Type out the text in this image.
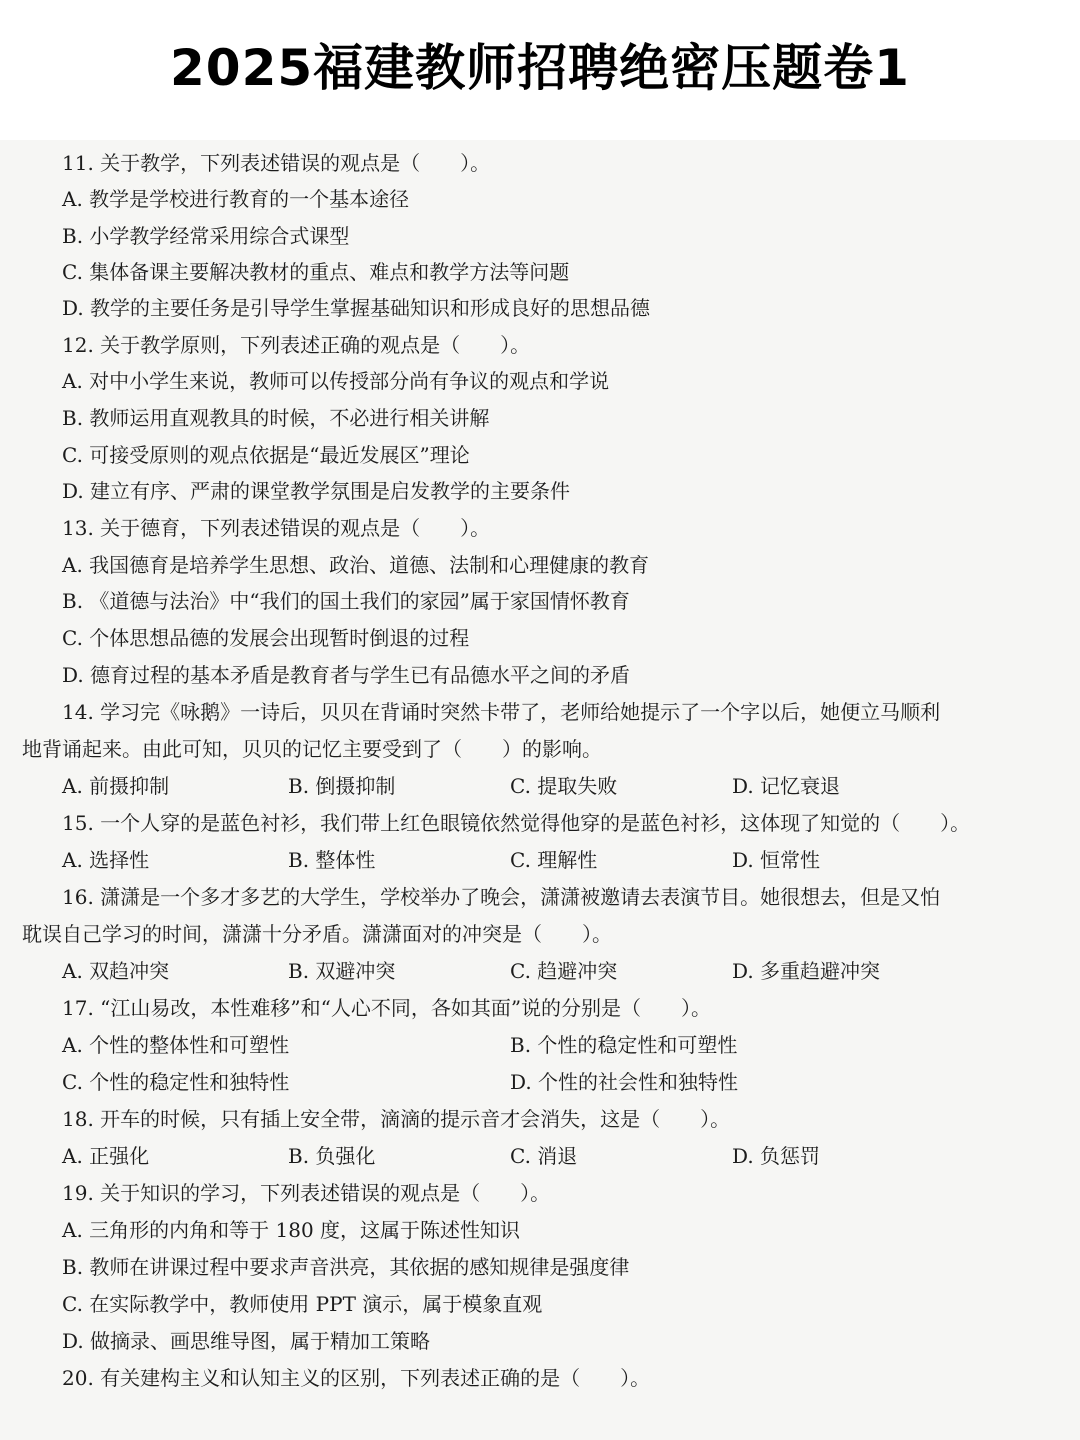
2025福建教师招聘绝密压题卷1
11. 关于教学，下列表述错误的观点是（　　）。
A. 教学是学校进行教育的一个基本途径
B. 小学教学经常采用综合式课型
C. 集体备课主要解决教材的重点、难点和教学方法等问题
D. 教学的主要任务是引导学生掌握基础知识和形成良好的思想品德
12. 关于教学原则，下列表述正确的观点是（　　）。
A. 对中小学生来说，教师可以传授部分尚有争议的观点和学说
B. 教师运用直观教具的时候，不必进行相关讲解
C. 可接受原则的观点依据是“最近发展区”理论
D. 建立有序、严肃的课堂教学氛围是启发教学的主要条件
13. 关于德育，下列表述错误的观点是（　　）。
A. 我国德育是培养学生思想、政治、道德、法制和心理健康的教育
B. 《道德与法治》中“我们的国土我们的家园”属于家国情怀教育
C. 个体思想品德的发展会出现暂时倒退的过程
D. 德育过程的基本矛盾是教育者与学生已有品德水平之间的矛盾
14. 学习完《咏鹅》一诗后，贝贝在背诵时突然卡带了，老师给她提示了一个字以后，她便立马顺利
地背诵起来。由此可知，贝贝的记忆主要受到了（　　）的影响。
A. 前摄抑制	B. 倒摄抑制	C. 提取失败	D. 记忆衰退
15. 一个人穿的是蓝色衬衫，我们带上红色眼镜依然觉得他穿的是蓝色衬衫，这体现了知觉的（　　）。
A. 选择性	B. 整体性	C. 理解性	D. 恒常性
16. 潇潇是一个多才多艺的大学生，学校举办了晚会，潇潇被邀请去表演节目。她很想去，但是又怕
耽误自己学习的时间，潇潇十分矛盾。潇潇面对的冲突是（　　）。
A. 双趋冲突	B. 双避冲突	C. 趋避冲突	D. 多重趋避冲突
17. “江山易改，本性难移”和“人心不同，各如其面”说的分别是（　　）。
A. 个性的整体性和可塑性	B. 个性的稳定性和可塑性
C. 个性的稳定性和独特性	D. 个性的社会性和独特性
18. 开车的时候，只有插上安全带，滴滴的提示音才会消失，这是（　　）。
A. 正强化	B. 负强化	C. 消退	D. 负惩罚
19. 关于知识的学习，下列表述错误的观点是（　　）。
A. 三角形的内角和等于 180 度，这属于陈述性知识
B. 教师在讲课过程中要求声音洪亮，其依据的感知规律是强度律
C. 在实际教学中，教师使用 PPT 演示，属于模象直观
D. 做摘录、画思维导图，属于精加工策略
20. 有关建构主义和认知主义的区别，下列表述正确的是（　　）。
